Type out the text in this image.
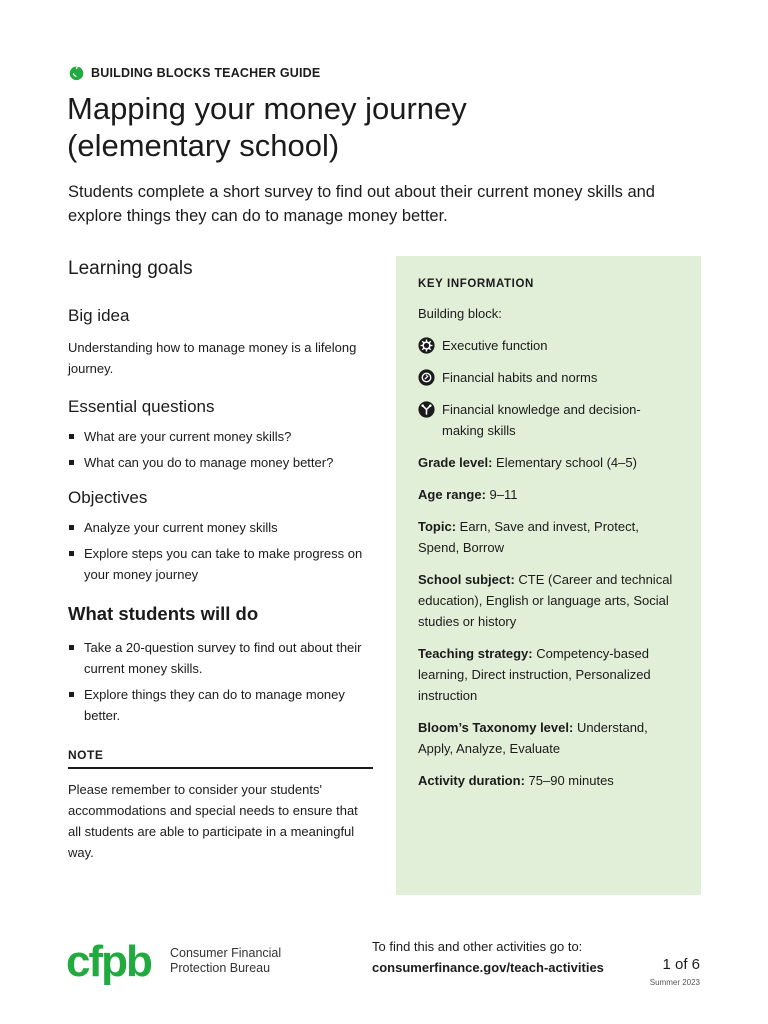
BUILDING BLOCKS TEACHER GUIDE
Mapping your money journey
(elementary school)

Students complete a short survey to find out about their current money skills and explore things they can do to manage money better.

Learning goals
Big idea

Understanding how to manage money is a lifelong journey.

Essential questions
What are your current money skills?
What can you do to manage money better?
Objectives
Analyze your current money skills
Explore steps you can take to make progress on your money journey
What students will do
Take a 20-question survey to find out about their current money skills.
Explore things they can do to manage money better.
NOTE

Please remember to consider your students' accommodations and special needs to ensure that all students are able to participate in a meaningful way.

KEY INFORMATION
Building block:
Executive function
Financial habits and norms
Financial knowledge and decision-making skills
Grade level: Elementary school (4–5)
Age range: 9–11
Topic: Earn, Save and invest, Protect, Spend, Borrow
School subject: CTE (Career and technical education), English or language arts, Social studies or history
Teaching strategy: Competency-based learning, Direct instruction, Personalized instruction
Bloom’s Taxonomy level: Understand, Apply, Analyze, Evaluate
Activity duration: 75–90 minutes
cfpb Consumer Financial
Protection Bureau
To find this and other activities go to:
consumerfinance.gov/teach-activities	1 of 6
Summer 2023
